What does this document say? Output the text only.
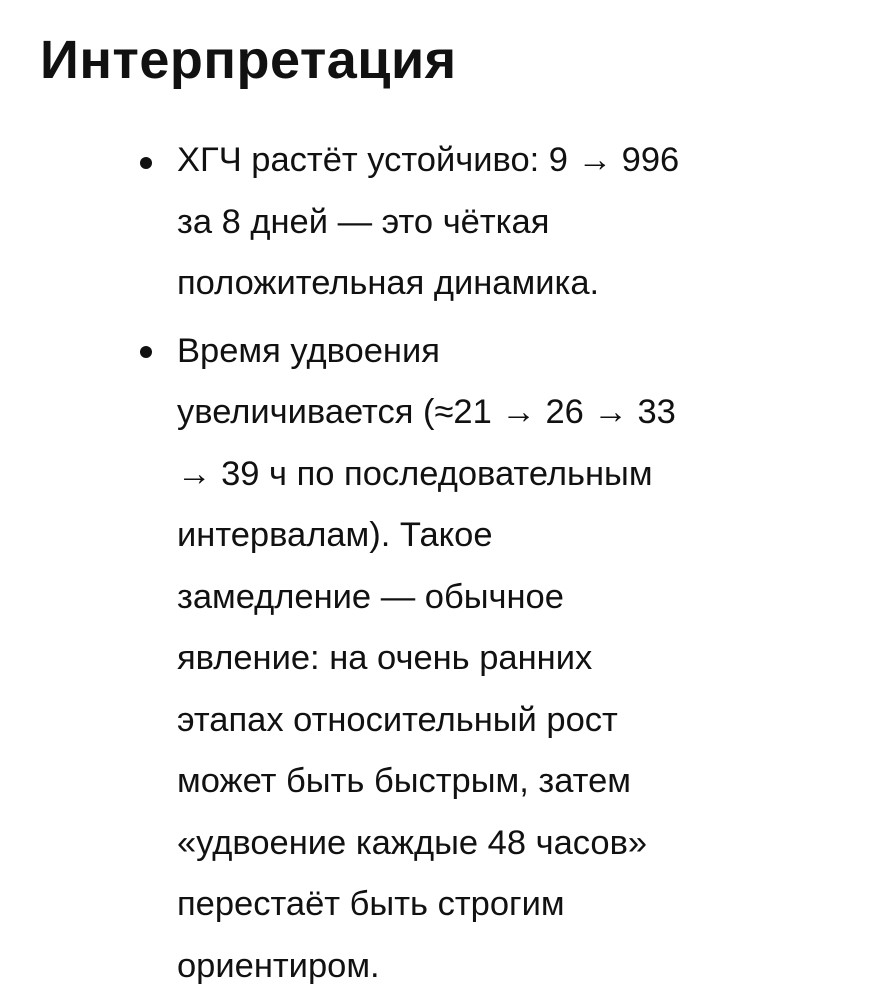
Интерпретация

ХГЧ растёт устойчиво: 9 → 996
за 8 дней — это чёткая
положительная динамика.

Время удвоения
увеличивается (≈21 → 26 → 33
→ 39 ч по последовательным
интервалам). Такое
замедление — обычное
явление: на очень ранних
этапах относительный рост
может быть быстрым, затем
«удвоение каждые 48 часов»
перестаёт быть строгим
ориентиром.
